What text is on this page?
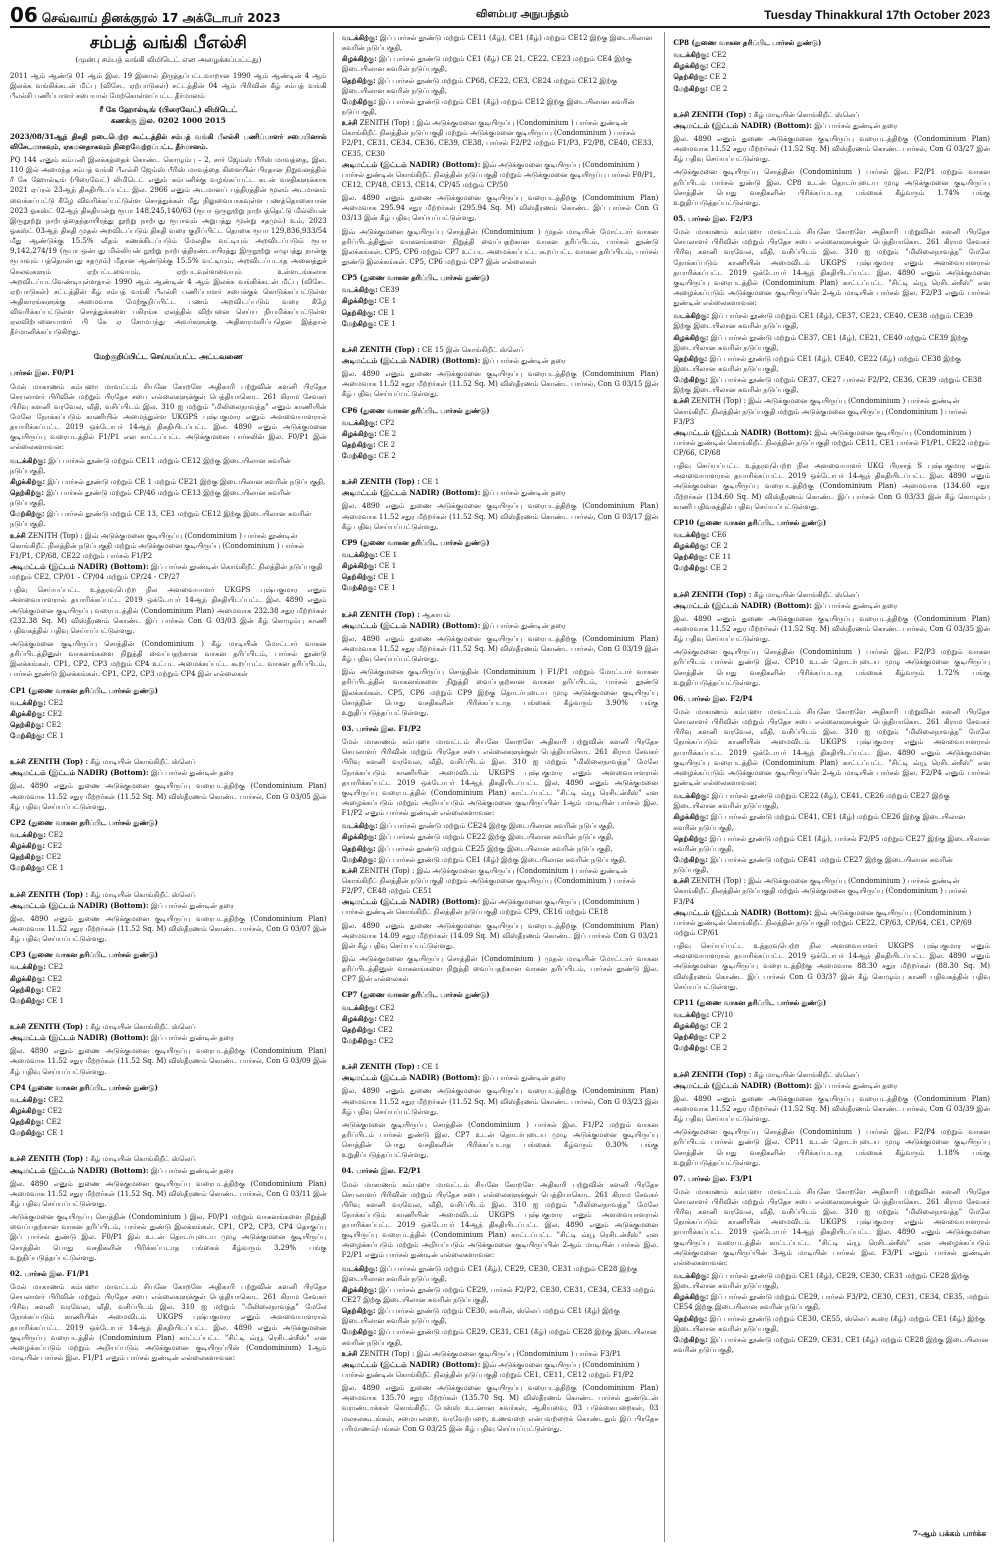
06 செவ்வாய் தினக்குரல் 17 அக்டோபர் 2023	விளம்பர அநுபந்தம்	Tuesday Thinakkural 17th October 2023
சம்பத் வங்கி பீஎல்சி
(முன்பு சம்பத் வங்கி லிமிடெட் என அழைக்கப்பட்டது)
2011 ஆம் ஆண்டு 01 ஆம் இல. 19 இனால் திருத்தப்பட்டவாறான 1990 ஆம் ஆண்டின் 4 ஆம் இலக்க வங்கிக்கடன் மீட்பு (விசேட ஏற்பாடுகள்) சட்டத்தின் 04 ஆம் பிரிவின் கீழ் சம்பத் வங்கி பீஎல்சி பணிப்பாளர் சபையால் மேற்கொள்ளப்பட்ட தீர்மானம்
ரீ கே ஹோல்டிங் (பிரைவேட்) லிமிடெட்
கணக்கு இல. 0202 1000 2015
2023/08/31ஆந் திகதி நடைபெற்ற கூட்டத்தில் சம்பத் வங்கி பீஎல்சி பணிப்பாளர் சபையினால் விசேடமாகவும், ஏகமனதாகவும் நிறைவேற்றப்பட்ட தீர்மானம்.
PQ 144 எனும் கம்பனி இலக்கத்தைக் கொண்ட கொழும்பு – 2, சார் ஜேம்ஸ் பீரிஸ் மாவத்தை, இல. 110 இல் அமைந்த சம்பத் வங்கி பீஎல்சி ஜேம்ஸ் பீரிஸ் மாவத்தை கிளையின் பிரதான நிறுவனத்தில் ரீ கே ஹோல்டிங் (பிரைவேட்) லிமிடெட் எனும் கம்பனிக்கு வழங்கப்பட்ட கடன் வசதிகளுக்காக 2021 ஏப்ரல் 23ஆந் திகதியிடப்பட்ட இல. 2966 எனும் அடமானப் பத்திரத்தின் மூலம் அடமானம் வைக்கப்பட்டு கீழே விவரிக்கப்பட்டுள்ள சொத்துக்கள் மீது நிலுவையாகவுள்ள பணத்தொகையான 2023 ஓகஸ்ட் 02ஆந் திகதியன்று ரூபா 148,245,140/63 (ரூபா ஒருநூற்று நாற்பத்தெட்டு மில்லியன் இருநூற்று நாற்பத்தைந்தாயிரத்து நூற்று நாற்பது ரூபாவும் அறுபத்து மூன்று சதமும்) உம், 2023 ஓகஸ்ட் 03ஆந் திகதி முதல் அறவிடப்படும் திகதி வரை குறிப்பிட்ட தொகை ரூபா 129,836,933/54 மீது ஆண்டுக்கு 15.5% வீதம் கணக்கிடப்படும் மேலதிக வட்டியும் அறவிடப்படும் ரூபா 9,142,274/19 (ரூபா ஒன்பது மில்லியன் நூற்று நாற்பத்திரண்டாயிரத்து இருநூற்று எழுபத்து நான்கு ரூபாவும் பத்தொன்பது சதமும்) மீதான ஆண்டுக்கு 15.5% வட்டியும், அறவிடப்படாத அனைத்துச் செலவுகளும் ஏற்பட்டவையும், ஏற்படவுள்ளவையும் உள்ளடங்கலாக அறவிடப்படவேண்டியுள்ளதால் 1990 ஆம் ஆண்டின் 4 ஆம் இலக்க வங்கிக்கடன் மீட்பு (விசேட ஏற்பாடுகள்) சட்டத்தின் கீழ் சம்பத் வங்கி பீஎல்சி பணிப்பாளர் சபைக்குக் கொடுக்கப்பட்டுள்ள அதிகாரங்களுக்கு அமைவாக மேற்குறிப்பிட்ட பணம் அறவிடப்படும் வரை கீழே விவரிக்கப்பட்டுள்ள சொத்துக்களை பகிரங்க ஏலத்தில் விற்பனை செய்ய நியமிக்கப்பட்டுள்ள ஏலவிற்பனையாளர் பி கே ஏ சோமபந்து அவர்களுக்கு அதிகாரமளிப்பதென இத்தால் தீர்மானிக்கப்படுகிறது.
மேற்குறிப்பிட்ட செய்யப்பட்ட அட்டவணை
பார்சல் இல. F0/P1
மேல் மாகாணம் கம்பஹா மாவட்டம் சியனே கோறளே அதிகாரி பற்றுவின் களனி பிரதேச செயலாளர் பிரிவின் மற்றும் பிரதேச சபை எல்லைகளுக்குள் பெத்தியாகொட 261 கிராம சேவகர் பிரிவு களனி வரவேல, வீதி, வசிப்பிடம் இல. 310 ஐ மற்றும் "மிலிலைநாவத்த" எனும் காணியின் மேலே நோக்கப்படும் காணியில் அமைந்துள்ள UKGPS புஷ்பகுமார எனும் அளவையாளரால் தயாரிக்கப்பட்ட 2019 ஒக்டோபர் 14ஆந் திகதியிடப்பட்ட இல. 4890 எனும் அடுக்குமனை குடியிருப்பு வரைபடத்தில் F1/P1 என காட்டப்பட்ட அடுக்குமனை பார்சலின் இல. F0/P1 இன் எல்லைகளாவன:
வடக்கிற்கு: இப் பார்சல் தூண்டு மற்றும் CE11 மற்றும் CE12 இற்கு இடையிலான சுவரின் நடுப்பகுதி,
கிழக்கிற்கு: இப் பார்சல் தூண்டு மற்றும் CE 1 மற்றும் CE21 இற்கு இடையிலான சுவரின் நடுப்பகுதி,
தெற்கிற்கு: இப் பார்சல் தூண்டு மற்றும் CP/46 மற்றும் CE13 இற்கு இடையிலான சுவரின் நடுப்பகுதி,
மேற்கிற்கு: இப் பார்சல் தூண்டு மற்றும் CE 13, CE1 மற்றும் CE12 இற்கு இடையிலான சுவரின் நடுப்பகுதி.
உச்சி ZENITH (Top) : இவ் அடுக்குமனை குடியிருப்பு (Condominium ) பார்சல் தூண்டின் கொங்கிறீட் நிலத்தின் நடுப்பகுதி மற்றும் அடுக்குமனை குடியிருப்பு (Condominium ) பார்சல் F1/P1, CP/68, CE22 மற்றும் பார்சல் F1/P2
அடிமட்டம் (இட்டம் NADIR) (Bottom): இப் பார்சல் தூண்டின் கொங்கிறீட் நிலத்தின் நடுப்பகுதி மற்றும் CE2, CP/01 – CP/04 மற்றும் CP/24 - CP/27
பதிவு செய்யப்பட்ட உத்தரவுபெற்ற நில அளவையாளர் UKGPS புஷ்பகுமார எனும் அளவையாளரால் தயாரிக்கப்பட்ட 2019 ஒக்டோபர் 14ஆந் திகதியிடப்பட்ட இல. 4890 எனும் அடுக்குமனை குடியிருப்பு வரைபடத்தில் (Condominium Plan) அமைவாக 232.38 சதுர மீற்றர்கள் (232.38 Sq. M) விஸ்தீரணம் கொண்ட இப் பார்சல் Con G 03/03 இன் கீழ் கொழும்பு காணி பதிவகத்தில் பதிவு செய்யப்பட்டுள்ளது.
அடுக்குமனை குடியிருப்பு சொத்தின் (Condominium ) கீழ் மாடியின் மோட்டார் வாகன தரிப்பிடத்தினுள் வாகனங்களை நிறுத்தி வைப்பதற்கான வாகன தரிப்பிடம், பார்சல் தூண்டு இலக்கங்கள். CP1, CP2, CP3 மற்றும் CP4 உட்பட அமைக்கப்பட்ட கூறப்பட்ட வாகன தரிப்பிடம், பார்சல் தூண்டு இலக்கங்கள். CP1, CP2, CP3 மற்றும் CP4 இன் எல்லைகள்
CP1 (துணை வாகன தரிப்பிட பார்சல் துண்டு)
வடக்கிற்கு: CE2
கிழக்கிற்கு: CE2
தெற்கிற்கு: CE2
மேற்கிற்கு: CE 1
உச்சி ZENITH (Top) : கீழ் மாடியின் கொங்கிறீட் ஸ்லெப்
அடிமட்டம் (இட்டம் NADIR) (Bottom): இப் பார்சல் துண்டின் தரை
இல. 4890 எனும் துணை அடுக்குமனை குடியிருப்பு வரைபடத்திற்கு (Condominium Plan) அமைவாக 11.52 சதுர மீற்றர்கள் (11.52 Sq. M) விஸ்தீரணம் கொண்ட பார்சல், Con G 03/05 இன் கீழ் பதிவு செய்யப்பட்டுள்ளது.
CP2 (துணை வாகன தரிப்பிட பார்சல் துண்டு)
வடக்கிற்கு: CE2
கிழக்கிற்கு: CE2
தெற்கிற்கு: CE2
மேற்கிற்கு: CE 1
உச்சி ZENITH (Top) : கீழ் மாடியின் கொங்கிறீட் ஸ்லெப்
அடிமட்டம் (இட்டம் NADIR) (Bottom): இப் பார்சல் துண்டின் தரை
இல. 4890 எனும் துணை அடுக்குமனை குடியிருப்பு வரைபடத்திற்கு (Condominium Plan) அமைவாக 11.52 சதுர மீற்றர்கள் (11.52 Sq. M) விஸ்தீரணம் கொண்ட பார்சல், Con G 03/07 இன் கீழ் பதிவு செய்யப்பட்டுள்ளது.
CP3 (துணை வாகன தரிப்பிட பார்சல் துண்டு)
வடக்கிற்கு: CE2
கிழக்கிற்கு: CE2
தெற்கிற்கு: CE2
மேற்கிற்கு: CE 1
உச்சி ZENITH (Top) : கீழ் மாடியின் கொங்கிறீட் ஸ்லெப்
அடிமட்டம் (இட்டம் NADIR) (Bottom): இப் பார்சல் துண்டின் தரை
இல. 4890 எனும் துணை அடுக்குமனை குடியிருப்பு வரைபடத்திற்கு (Condominium Plan) அமைவாக 11.52 சதுர மீற்றர்கள் (11.52 Sq. M) விஸ்தீரணம் கொண்ட பார்சல், Con G 03/09 இன் கீழ் பதிவு செய்யப்பட்டுள்ளது.
CP4 (துணை வாகன தரிப்பிட பார்சல் துண்டு)
வடக்கிற்கு: CE2
கிழக்கிற்கு: CE2
தெற்கிற்கு: CE2
மேற்கிற்கு: CE 1
உச்சி ZENITH (Top) : கீழ் மாடியின் கொங்கிறீட் ஸ்லெப்
அடிமட்டம் (இட்டம் NADIR) (Bottom): இப் பார்சல் துண்டின் தரை
இல. 4890 எனும் துணை அடுக்குமனை குடியிருப்பு வரைபடத்திற்கு (Condominium Plan) அமைவாக 11.52 சதுர மீற்றர்கள் (11.52 Sq. M) விஸ்தீரணம் கொண்ட பார்சல், Con G 03/11 இன் கீழ் பதிவு செய்யப்பட்டுள்ளது.
அடுக்குமனை குடியிருப்பு சொத்தின் (Condominium ) இல. F0/P1 மற்றும் வாகனங்களை நிறுத்தி வைப்பதற்கான வாகன தரிப்பிடம், பார்சல் துண்டு இலக்கங்கள். CP1, CP2, CP3, CP4 தொகுப்பு இப் பார்சல் துண்டு இல. F0/P1 இல் உடன் தொடர்புடைய முழு அடுக்குமனை குடியிருப்பு சொத்தின் பொது வசதிகளின் பிரிக்கப்படாத பங்கைக் கீழ்வரும் 3.29% பங்கு உறுதிப்படுத்தப்பட்டுள்ளது.
02. பார்சல் இல. F1/P1
மேல் மாகாணம் கம்பஹா மாவட்டம் சியனே கோறளே அதிகாரி பற்றுவின் களனி பிரதேச செயலாளர் பிரிவின் மற்றும் பிரதேச சபை எல்லைகளுக்குள் பெத்தியாகொட 261 கிராம சேவகர் பிரிவு களனி வரவேல, வீதி, வசிப்பிடம் இல. 310 ஐ மற்றும் "மிலிலைநாவத்த" மேலே நோக்கப்படும் காணியின் அமைவிடம் UKGPS புஷ்பகுமார எனும் அளவையாளரால் தயாரிக்கப்பட்ட 2019 ஒக்டோபர் 14ஆந் திகதியிடப்பட்ட இல. 4890 எனும் அடுக்குமனை குடியிருப்பு வரைபடத்தில் (Condominium Plan) காட்டப்பட்ட "சிட்டி வ்யூ ரெசிடன்சீஸ்" என அழைக்கப்படும் மற்றும் அறியப்படும் அடுக்குமனை குடியிருப்பின் (Condominium) 1ஆம் மாடியின் பார்சல் இல. F1/P1 எனும் பார்சல் துண்டின் எல்லைகளாவன:
வடக்கிற்கு: இப் பார்சல் தூண்டு மற்றும் CE11 (கீழ்), CE1 (கீழ்) மற்றும் CE12 இற்கு இடையிலான சுவரின் நடுப்பகுதி,
கிழக்கிற்கு: இப் பார்சல் தூண்டு மற்றும் CE1 (கீழ்) CE 21, CE22, CE23 மற்றும் CE4 இற்கு இடையிலான சுவரின் நடுப்பகுதி,
தெற்கிற்கு: இப் பார்சல் தூண்டு மற்றும் CP68, CE22, CE3, CE24 மற்றும் CE12 இற்கு இடையிலான சுவரின் நடுப்பகுதி,
மேற்கிற்கு: இப் பார்சல் தூண்டு மற்றும் CE1 (கீழ்) மற்றும் CE12 இற்கு இடையிலான சுவரின் நடுப்பகுதி,
உச்சி ZENITH (Top) : இவ் அடுக்குமனை குடியிருப்பு (Condominium ) பார்சல் துண்டின் கொங்கிறீட் நிலத்தின் நடுப்பகுதி மற்றும் அடுக்குமனை குடியிருப்பு (Condominium ) பார்சல் F2/P1, CE31, CE34, CE36, CE39, CE38, பார்சல் F2/P2 மற்றும் F1/P3, F2/P8, CE40, CE33, CE35, CE30
அடிமட்டம் (இட்டம் NADIR) (Bottom): இவ் அடுக்குமனை குடியிருப்பு (Condominium ) பார்சல் துண்டின் கொங்கிறீட் நிலத்தின் நடுப்பகுதி மற்றும் அடுக்குமனை குடியிருப்பு பார்சல் F0/P1, CE12, CP/48, CE13, CE14, CP/45 மற்றும் CP/50
இல. 4890 எனும் துணை அடுக்குமனை குடியிருப்பு வரைபடத்திற்கு (Condominium Plan) அமைவாக 295.94 சதுர மீற்றர்கள் (295.94 Sq. M) விஸ்தீரணம் கொண்ட இப் பார்சல் Con G 03/13 இன் கீழ் பதிவு செய்யப்பட்டுள்ளது.
இவ் அடுக்குமனை குடியிருப்பு சொத்தின் (Condominium ) முதல் மாடியின் மோட்டார் வாகன தரிப்பிடத்தினுள் வாகனங்களை நிறுத்தி வைப்பதற்கான வாகன தரிப்பிடம், பார்சல் தூண்டு இலக்கங்கள். CP5, CP6 மற்றும் CP7 உட்பட அமைக்கப்பட்ட கூறப்பட்ட வாகன தரிப்பிடம், பார்சல் தூண்டு இலக்கங்கள். CP5, CP6 மற்றும் CP7 இன் எல்லைகள்
CP5 (துணை வாகன தரிப்பிட பார்சல் துண்டு)
வடக்கிற்கு: CE39
கிழக்கிற்கு: CE 1
தெற்கிற்கு: CE 1
மேற்கிற்கு: CE 1
உச்சி ZENITH (Top) : CE 15 இன் கொங்கிறீட் ஸ்லெப்
அடிமட்டம் (இட்டம் NADIR) (Bottom): இப் பார்சல் துண்டின் தரை
இல. 4890 எனும் துணை அடுக்குமனை குடியிருப்பு வரைபடத்திற்கு (Condominium Plan) அமைவாக 11.52 சதுர மீற்றர்கள் (11.52 Sq. M) விஸ்தீரணம் கொண்ட பார்சல், Con G 03/15 இன் கீழ் பதிவு செய்யப்பட்டுள்ளது.
CP6 (துணை வாகன தரிப்பிட பார்சல் துண்டு)
வடக்கிற்கு: CP2
கிழக்கிற்கு: CE 2
தெற்கிற்கு: CE 2
மேற்கிற்கு: CE 2
உச்சி ZENITH (Top) : CE 1
அடிமட்டம் (இட்டம் NADIR) (Bottom): இப் பார்சல் துண்டின் தரை
இல. 4890 எனும் துணை அடுக்குமனை குடியிருப்பு வரைபடத்திற்கு (Condominium Plan) அமைவாக 11.52 சதுர மீற்றர்கள் (11.52 Sq. M) விஸ்தீரணம் கொண்ட பார்சல், Con G 03/17 இன் கீழ் பதிவு செய்யப்பட்டுள்ளது.
CP9 (துணை வாகன தரிப்பிட பார்சல் துண்டு)
வடக்கிற்கு: CE 1
கிழக்கிற்கு: CE 1
தெற்கிற்கு: CE 1
மேற்கிற்கு: CE 1
உச்சி ZENITH (Top) : ஆகாயம்
அடிமட்டம் (இட்டம் NADIR) (Bottom): இப் பார்சல் துண்டின் தரை
இல. 4890 எனும் துணை அடுக்குமனை குடியிருப்பு வரைபடத்திற்கு (Condominium Plan) அமைவாக 11.52 சதுர மீற்றர்கள் (11.52 Sq. M) விஸ்தீரணம் கொண்ட பார்சல், Con G 03/19 இன் கீழ் பதிவு செய்யப்பட்டுள்ளது.
இவ் அடுக்குமனை குடியிருப்பு சொத்தின் (Condominium ) F1/P1 மற்றும் மோட்டார் வாகன தரிப்பிடத்தில் வாகனங்களை நிறுத்தி வைப்பதற்கான வாகன தரிப்பிடம், பார்சல் தூண்டு இலக்கங்கள். CP5, CP6 மற்றும் CP9 இற்கு தொடர்புடைய முழு அடுக்குமனை குடியிருப்பு சொத்தின் பொது வசதிகளின் பிரிக்கப்படாத பங்கைக் கீழ்வரும் 3.90% பங்கு உறுதிப்படுத்தப்பட்டுள்ளது.
03. பார்சல் இல. F1/P2
மேல் மாகாணம் கம்பஹா மாவட்டம் சியனே கோறளே அதிகாரி பற்றுவின் களனி பிரதேச செயலாளர் பிரிவின் மற்றும் பிரதேச சபை எல்லைகளுக்குள் பெத்தியாகொட 261 கிராம சேவகர் பிரிவு களனி வரவேல, வீதி, வசிப்பிடம் இல. 310 ஐ மற்றும் "மிலிலைநாவத்த" மேலே நோக்கப்படும் காணியின் அமைவிடம் UKGPS புஷ்பகுமார எனும் அளவையாளரால் தயாரிக்கப்பட்ட 2019 ஒக்டோபர் 14ஆந் திகதியிடப்பட்ட இல. 4890 எனும் அடுக்குமனை குடியிருப்பு வரைபடத்தில் (Condominium Plan) காட்டப்பட்ட "சிட்டி வ்யூ ரெசிடன்சீஸ்" என அழைக்கப்படும் மற்றும் அறியப்படும் அடுக்குமனை குடியிருப்பின் 1ஆம் மாடியின் பார்சல் இல. F1/P2 எனும் பார்சல் துண்டின் எல்லைகளாவன:
வடக்கிற்கு: இப் பார்சல் தூண்டு மற்றும் CE24 இற்கு இடையிலான சுவரின் நடுப்பகுதி,
கிழக்கிற்கு: இப் பார்சல் தூண்டு மற்றும் CE22 இற்கு இடையிலான சுவரின் நடுப்பகுதி,
தெற்கிற்கு: இப் பார்சல் தூண்டு மற்றும் CE25 இற்கு இடையிலான சுவரின் நடுப்பகுதி,
மேற்கிற்கு: இப் பார்சல் தூண்டு மற்றும் CE1 (கீழ்) இற்கு இடையிலான சுவரின் நடுப்பகுதி,
உச்சி ZENITH (Top) : இவ் அடுக்குமனை குடியிருப்பு (Condominium ) பார்சல் துண்டின் கொங்கிறீட் நிலத்தின் நடுப்பகுதி மற்றும் அடுக்குமனை குடியிருப்பு (Condominium ) பார்சல் F2/P7, CE48 மற்றும் CE51
அடிமட்டம் (இட்டம் NADIR) (Bottom): இவ் அடுக்குமனை குடியிருப்பு (Condominium ) பார்சல் துண்டின் கொங்கிறீட் நிலத்தின் நடுப்பகுதி மற்றும் CP9, CE16 மற்றும் CE18
இல. 4890 எனும் துணை அடுக்குமனை குடியிருப்பு வரைபடத்திற்கு (Condominium Plan) அமைவாக 14.09 சதுர மீற்றர்கள் (14.09 Sq. M) விஸ்தீரணம் கொண்ட இப் பார்சல் Con G 03/21 இன் கீழ் பதிவு செய்யப்பட்டுள்ளது.
இவ் அடுக்குமனை குடியிருப்பு சொத்தின் (Condominium ) முதல் மாடியின் மோட்டார் வாகன தரிப்பிடத்தினுள் வாகனங்களை நிறுத்தி வைப்பதற்கான வாகன தரிப்பிடம், பார்சல் தூண்டு இல. CP7 இன் எல்லைகள்
CP7 (துணை வாகன தரிப்பிட பார்சல் துண்டு)
வடக்கிற்கு: CE2
கிழக்கிற்கு: CE2
தெற்கிற்கு: CE2
மேற்கிற்கு: CE2
உச்சி ZENITH (Top) : CE 1
அடிமட்டம் (இட்டம் NADIR) (Bottom): இப் பார்சல் துண்டின் தரை
இல. 4890 எனும் துணை அடுக்குமனை குடியிருப்பு வரைபடத்திற்கு (Condominium Plan) அமைவாக 11.52 சதுர மீற்றர்கள் (11.52 Sq. M) விஸ்தீரணம் கொண்ட பார்சல், Con G 03/23 இன் கீழ் பதிவு செய்யப்பட்டுள்ளது.
அடுக்குமனை குடியிருப்பு சொத்தின் (Condominium ) பார்சல் இல. F1/P2 மற்றும் வாகன தரிப்பிடம் பார்சல் துண்டு இல. CP7 உடன் தொடர்புடைய முழு அடுக்குமனை குடியிருப்பு சொத்தின் பொது வசதிகளின் பிரிக்கப்படாத பங்கைக் கீழ்வரும் 0.30% பங்கு உறுதிப்படுத்தப்பட்டுள்ளது.
04. பார்சல் இல. F2/P1
மேல் மாகாணம் கம்பஹா மாவட்டம் சியனே கோறளே அதிகாரி பற்றுவின் களனி பிரதேச செயலாளர் பிரிவின் மற்றும் பிரதேச சபை எல்லைகளுக்குள் பெத்தியாகொட 261 கிராம சேவகர் பிரிவு களனி வரவேல, வீதி, வசிப்பிடம் இல. 310 ஐ மற்றும் "மிலிலைநாவத்த" மேலே நோக்கப்படும் காணியின் அமைவிடம் UKGPS புஷ்பகுமார எனும் அளவையாளரால் தயாரிக்கப்பட்ட 2019 ஒக்டோபர் 14ஆந் திகதியிடப்பட்ட இல. 4890 எனும் அடுக்குமனை குடியிருப்பு வரைபடத்தில் (Condominium Plan) காட்டப்பட்ட "சிட்டி வ்யூ ரெசிடன்சீஸ்" என அழைக்கப்படும் மற்றும் அறியப்படும் அடுக்குமனை குடியிருப்பின் 2ஆம் மாடியின் பார்சல் இல. F2/P1 எனும் பார்சல் துண்டின் எல்லைகளாவன:
வடக்கிற்கு: இப் பார்சல் தூண்டு மற்றும் CE1 (கீழ்), CE29, CE30, CE31 மற்றும் CE28 இற்கு இடையிலான சுவரின் நடுப்பகுதி,
கிழக்கிற்கு: இப் பார்சல் தூண்டு மற்றும் CE29, பார்சல் F2/P2, CE30, CE31, CE34, CE33 மற்றும் CE27 இற்கு இடையிலான சுவரின் நடுப்பகுதி,
தெற்கிற்கு: இப் பார்சல் தூண்டு மற்றும் CE30, சுவரின், ஸ்லெப் மற்றும் CE1 (கீழ்) இற்கு இடையிலான சுவரின் நடுப்பகுதி,
மேற்கிற்கு: இப் பார்சல் தூண்டு மற்றும் CE29, CE31, CE1 (கீழ்) மற்றும் CE28 இற்கு இடையிலான சுவரின் நடுப்பகுதி,
உச்சி ZENITH (Top) : இவ் அடுக்குமனை குடியிருப்பு (Condominium ) பார்சல் F3/P1
அடிமட்டம் (இட்டம் NADIR) (Bottom): இவ் அடுக்குமனை குடியிருப்பு (Condominium ) பார்சல் துண்டின் கொங்கிறீட் நிலத்தின் நடுப்பகுதி மற்றும் CE1, CE11, CE12 மற்றும் F1/P2
இல. 4890 எனும் துணை அடுக்குமனை குடியிருப்பு வரைபடத்திற்கு (Condominium Plan) அமைவாக 135.70 சதுர மீற்றர்கள் (135.70 Sq. M) விஸ்தீரணம் கொண்ட பார்சல் துண்டுடன் வராண்டாக்கள் கொங்கிறீட் பேஸ்ஸ் உடனான சுவர்கள், ஆகியவை, 03 படுக்கையறைகள், 03 மலசலகூடங்கள், சமையலறை, வரவேற்பறை, உணவறை என்பவற்றைக் கொண்டதும் இப் பிரதேச பரிமாணம்/பங்கள் Con G 03/25 இன் கீழ் பதிவு செய்யப்பட்டுள்ளது.
CP8 (துணை வாகன தரிப்பிட பார்சல் துண்டு)
வடக்கிற்கு: CE2
கிழக்கிற்கு: CE2
தெற்கிற்கு: CE 2
மேற்கிற்கு: CE 2
உச்சி ZENITH (Top) : கீழ் மாடியின் கொங்கிறீட் ஸ்லெப்
அடிமட்டம் (இட்டம் NADIR) (Bottom): இப் பார்சல் துண்டின் தரை
இல. 4890 எனும் துணை அடுக்குமனை குடியிருப்பு வரைபடத்திற்கு (Condominium Plan) அமைவாக 11.52 சதுர மீற்றர்கள் (11.52 Sq. M) விஸ்தீரணம் கொண்ட பார்சல், Con G 03/27 இன் கீழ் பதிவு செய்யப்பட்டுள்ளது.
அடுக்குமனை குடியிருப்பு சொத்தின் (Condominium ) பார்சல் இல. F2/P1 மற்றும் வாகன தரிப்பிடம் பார்சல் துண்டு இல. CP8 உடன் தொடர்புடைய முழு அடுக்குமனை குடியிருப்பு சொத்தின் பொது வசதிகளின் பிரிக்கப்படாத பங்கைக் கீழ்வரும் 1.74% பங்கு உறுதிப்படுத்தப்பட்டுள்ளது.
05. பார்சல் இல. F2/P3
மேல் மாகாணம் கம்பஹா மாவட்டம் சியனே கோறளே அதிகாரி பற்றுவின் களனி பிரதேச செயலாளர் பிரிவின் மற்றும் பிரதேச சபை எல்லைகளுக்குள் பெத்தியாகொட 261 கிராம சேவகர் பிரிவு களனி வரவேல, வீதி, வசிப்பிடம் இல. 310 ஐ மற்றும் "மிலிலைநாவத்த" மேலே நோக்கப்படும் காணியின் அமைவிடம் UKGPS புஷ்பகுமார எனும் அளவையாளரால் தயாரிக்கப்பட்ட 2019 ஒக்டோபர் 14ஆந் திகதியிடப்பட்ட இல. 4890 எனும் அடுக்குமனை குடியிருப்பு வரைபடத்தில் (Condominium Plan) காட்டப்பட்ட "சிட்டி வ்யூ ரெசிடன்சீஸ்" என அழைக்கப்படும் அடுக்குமனை குடியிருப்பின் 2ஆம் மாடியின் பார்சல் இல. F2/P3 எனும் பார்சல் துண்டின் எல்லைகளாவன:
வடக்கிற்கு: இப் பார்சல் தூண்டு மற்றும் CE1 (கீழ்), CE37, CE21, CE40, CE38 மற்றும் CE39 இற்கு இடையிலான சுவரின் நடுப்பகுதி,
கிழக்கிற்கு: இப் பார்சல் தூண்டு மற்றும் CE37, CE1 (கீழ்), CE21, CE40 மற்றும் CE39 இற்கு இடையிலான சுவரின் நடுப்பகுதி,
தெற்கிற்கு: இப் பார்சல் தூண்டு மற்றும் CE1 (கீழ்), CE40, CE22 (கீழ்) மற்றும் CE38 இற்கு இடையிலான சுவரின் நடுப்பகுதி,
மேற்கிற்கு: இப் பார்சல் தூண்டு மற்றும் CE37, CE27 பார்சல் F2/P2, CE36, CE39 மற்றும் CE38 இற்கு இடையிலான சுவரின் நடுப்பகுதி,
உச்சி ZENITH (Top) : இவ் அடுக்குமனை குடியிருப்பு (Condominium ) பார்சல் துண்டின் கொங்கிறீட் நிலத்தின் நடுப்பகுதி மற்றும் அடுக்குமனை குடியிருப்பு (Condominium ) பார்சல் F3/P3
அடிமட்டம் (இட்டம் NADIR) (Bottom): இவ் அடுக்குமனை குடியிருப்பு (Condominium ) பார்சல் துண்டின் கொங்கிறீட் நிலத்தின் நடுப்பகுதி மற்றும் CE11, CE1 பார்சல் F1/P1, CE22 மற்றும் CP/66, CP/68
பதிவு செய்யப்பட்ட உத்தரவுபெற்ற நில அளவையாளர் UKG பிரசாத் S புஷ்பகுமார எனும் அளவையாளரால் தயாரிக்கப்பட்ட 2019 ஒக்டோபர் 14ஆந் திகதியிடப்பட்ட இல. 4890 எனும் அடுக்குமனை குடியிருப்பு வரைபடத்திற்கு (Condominium Plan) அமைவாக (134.60 சதுர மீற்றர்கள் (134.60 Sq. M) விஸ்தீரணம் கொண்ட இப் பார்சல் Con G 03/33 இன் கீழ் கொழும்பு காணி பதிவகத்தில் பதிவு செய்யப்பட்டுள்ளது.
CP10 (துணை வாகன தரிப்பிட பார்சல் துண்டு)
வடக்கிற்கு: CE6
கிழக்கிற்கு: CE 2
தெற்கிற்கு: CE 11
மேற்கிற்கு: CE 2
உச்சி ZENITH (Top) : கீழ் மாடியின் கொங்கிறீட் ஸ்லெப்
அடிமட்டம் (இட்டம் NADIR) (Bottom): இப் பார்சல் துண்டின் தரை
இல. 4890 எனும் துணை அடுக்குமனை குடியிருப்பு வரைபடத்திற்கு (Condominium Plan) அமைவாக 11.52 சதுர மீற்றர்கள் (11.52 Sq. M) விஸ்தீரணம் கொண்ட பார்சல், Con G 03/35 இன் கீழ் பதிவு செய்யப்பட்டுள்ளது.
அடுக்குமனை குடியிருப்பு சொத்தின் (Condominium ) பார்சல் இல. F2/P3 மற்றும் வாகன தரிப்பிடம் பார்சல் துண்டு இல. CP10 உடன் தொடர்புடைய முழு அடுக்குமனை குடியிருப்பு சொத்தின் பொது வசதிகளின் பிரிக்கப்படாத பங்கைக் கீழ்வரும் 1.72% பங்கு உறுதிப்படுத்தப்பட்டுள்ளது.
06. பார்சல் இல. F2/P4
மேல் மாகாணம் கம்பஹா மாவட்டம் சியனே கோறளே அதிகாரி பற்றுவின் களனி பிரதேச செயலாளர் பிரிவின் மற்றும் பிரதேச சபை எல்லைகளுக்குள் பெத்தியாகொட 261 கிராம சேவகர் பிரிவு களனி வரவேல, வீதி, வசிப்பிடம் இல. 310 ஐ மற்றும் "மிலிலைநாவத்த" மேலே நோக்கப்படும் காணியின் அமைவிடம் UKGPS புஷ்பகுமார எனும் அளவையாளரால் தயாரிக்கப்பட்ட 2019 ஒக்டோபர் 14ஆந் திகதியிடப்பட்ட இல. 4890 எனும் அடுக்குமனை குடியிருப்பு வரைபடத்தில் (Condominium Plan) காட்டப்பட்ட "சிட்டி வ்யூ ரெசிடன்சீஸ்" என அழைக்கப்படும் அடுக்குமனை குடியிருப்பின் 2ஆம் மாடியின் பார்சல் இல. F2/P4 எனும் பார்சல் துண்டின் எல்லைகளாவன:
வடக்கிற்கு: இப் பார்சல் தூண்டு மற்றும் CE22 (கீழ்), CE41, CE26 மற்றும் CE27 இற்கு இடையிலான சுவரின் நடுப்பகுதி,
கிழக்கிற்கு: இப் பார்சல் தூண்டு மற்றும் CE41, CE1 (கீழ்) மற்றும் CE26 இற்கு இடையிலான சுவரின் நடுப்பகுதி,
தெற்கிற்கு: இப் பார்சல் தூண்டு மற்றும் CE1 (கீழ்), பார்சல் F2/P5 மற்றும் CE27 இற்கு இடையிலான சுவரின் நடுப்பகுதி,
மேற்கிற்கு: இப் பார்சல் தூண்டு மற்றும் CE41 மற்றும் CE27 இற்கு இடையிலான சுவரின் நடுப்பகுதி,
உச்சி ZENITH (Top) : இவ் அடுக்குமனை குடியிருப்பு (Condominium ) பார்சல் துண்டின் கொங்கிறீட் நிலத்தின் நடுப்பகுதி மற்றும் அடுக்குமனை குடியிருப்பு (Condominium ) பார்சல் F3/P4
அடிமட்டம் (இட்டம் NADIR) (Bottom): இவ் அடுக்குமனை குடியிருப்பு (Condominium ) பார்சல் துண்டின் கொங்கிறீட் நிலத்தின் நடுப்பகுதி மற்றும் CE22, CP/63, CP/64, CE1, CP/69 மற்றும் CP/61
பதிவு செய்யப்பட்ட உத்தரவுபெற்ற நில அளவையாளர் UKGPS புஷ்பகுமார எனும் அளவையாளரால் தயாரிக்கப்பட்ட 2019 ஒக்டோபர் 14ஆந் திகதியிடப்பட்ட இல. 4890 எனும் அடுக்குமனை குடியிருப்பு வரைபடத்திற்கு அமைவாக 88.30 சதுர மீற்றர்கள் (88.30 Sq. M) விஸ்தீரணம் கொண்ட இப் பார்சல் Con G 03/37 இன் கீழ் கொழும்பு காணி பதிவகத்தில் பதிவு செய்யப்பட்டுள்ளது.
CP11 (துணை வாகன தரிப்பிட பார்சல் துண்டு)
வடக்கிற்கு: CP/10
கிழக்கிற்கு: CE 2
தெற்கிற்கு: CP 2
மேற்கிற்கு: CE 2
உச்சி ZENITH (Top) : கீழ் மாடியின் கொங்கிறீட் ஸ்லெப்
அடிமட்டம் (இட்டம் NADIR) (Bottom): இப் பார்சல் துண்டின் தரை
இல. 4890 எனும் துணை அடுக்குமனை குடியிருப்பு வரைபடத்திற்கு (Condominium Plan) அமைவாக 11.52 சதுர மீற்றர்கள் (11.52 Sq. M) விஸ்தீரணம் கொண்ட பார்சல், Con G 03/39 இன் கீழ் பதிவு செய்யப்பட்டுள்ளது.
அடுக்குமனை குடியிருப்பு சொத்தின் (Condominium ) பார்சல் இல. F2/P4 மற்றும் வாகன தரிப்பிடம் பார்சல் துண்டு இல. CP11 உடன் தொடர்புடைய முழு அடுக்குமனை குடியிருப்பு சொத்தின் பொது வசதிகளின் பிரிக்கப்படாத பங்கைக் கீழ்வரும் 1.18% பங்கு உறுதிப்படுத்தப்பட்டுள்ளது.
07. பார்சல் இல. F3/P1
மேல் மாகாணம் கம்பஹா மாவட்டம் சியனே கோறளே அதிகாரி பற்றுவின் களனி பிரதேச செயலாளர் பிரிவின் மற்றும் பிரதேச சபை எல்லைகளுக்குள் பெத்தியாகொட 261 கிராம சேவகர் பிரிவு களனி வரவேல, வீதி, வசிப்பிடம் இல. 310 ஐ மற்றும் "மிலிலைநாவத்த" மேலே நோக்கப்படும் காணியின் அமைவிடம் UKGPS புஷ்பகுமார எனும் அளவையாளரால் தயாரிக்கப்பட்ட 2019 ஒக்டோபர் 14ஆந் திகதியிடப்பட்ட இல. 4890 எனும் அடுக்குமனை குடியிருப்பு வரைபடத்தில் காட்டப்பட்ட "சிட்டி வ்யூ ரெசிடன்சீஸ்" என அழைக்கப்படும் அடுக்குமனை குடியிருப்பின் 3ஆம் மாடியின் பார்சல் இல. F3/P1 எனும் பார்சல் துண்டின் எல்லைகளாவன:
வடக்கிற்கு: இப் பார்சல் தூண்டு மற்றும் CE1 (கீழ்), CE29, CE30, CE31 மற்றும் CE28 இற்கு இடையிலான சுவரின் நடுப்பகுதி,
கிழக்கிற்கு: இப் பார்சல் தூண்டு மற்றும் CE29, பார்சல் F3/P2, CE30, CE31, CE34, CE35, மற்றும் CE54 இற்கு இடையிலான சுவரின் நடுப்பகுதி,
தெற்கிற்கு: இப் பார்சல் தூண்டு மற்றும் CE30, CE55, ஸ்லெப் கூரை (கீழ்) மற்றும் CE1 (கீழ்) இற்கு இடையிலான சுவரின் நடுப்பகுதி,
மேற்கிற்கு: இப் பார்சல் தூண்டு மற்றும் CE29, CE31, CE1 (கீழ்) மற்றும் CE28 இற்கு இடையிலான சுவரின் நடுப்பகுதி,
7-ஆம் பக்கம் பார்க்க
